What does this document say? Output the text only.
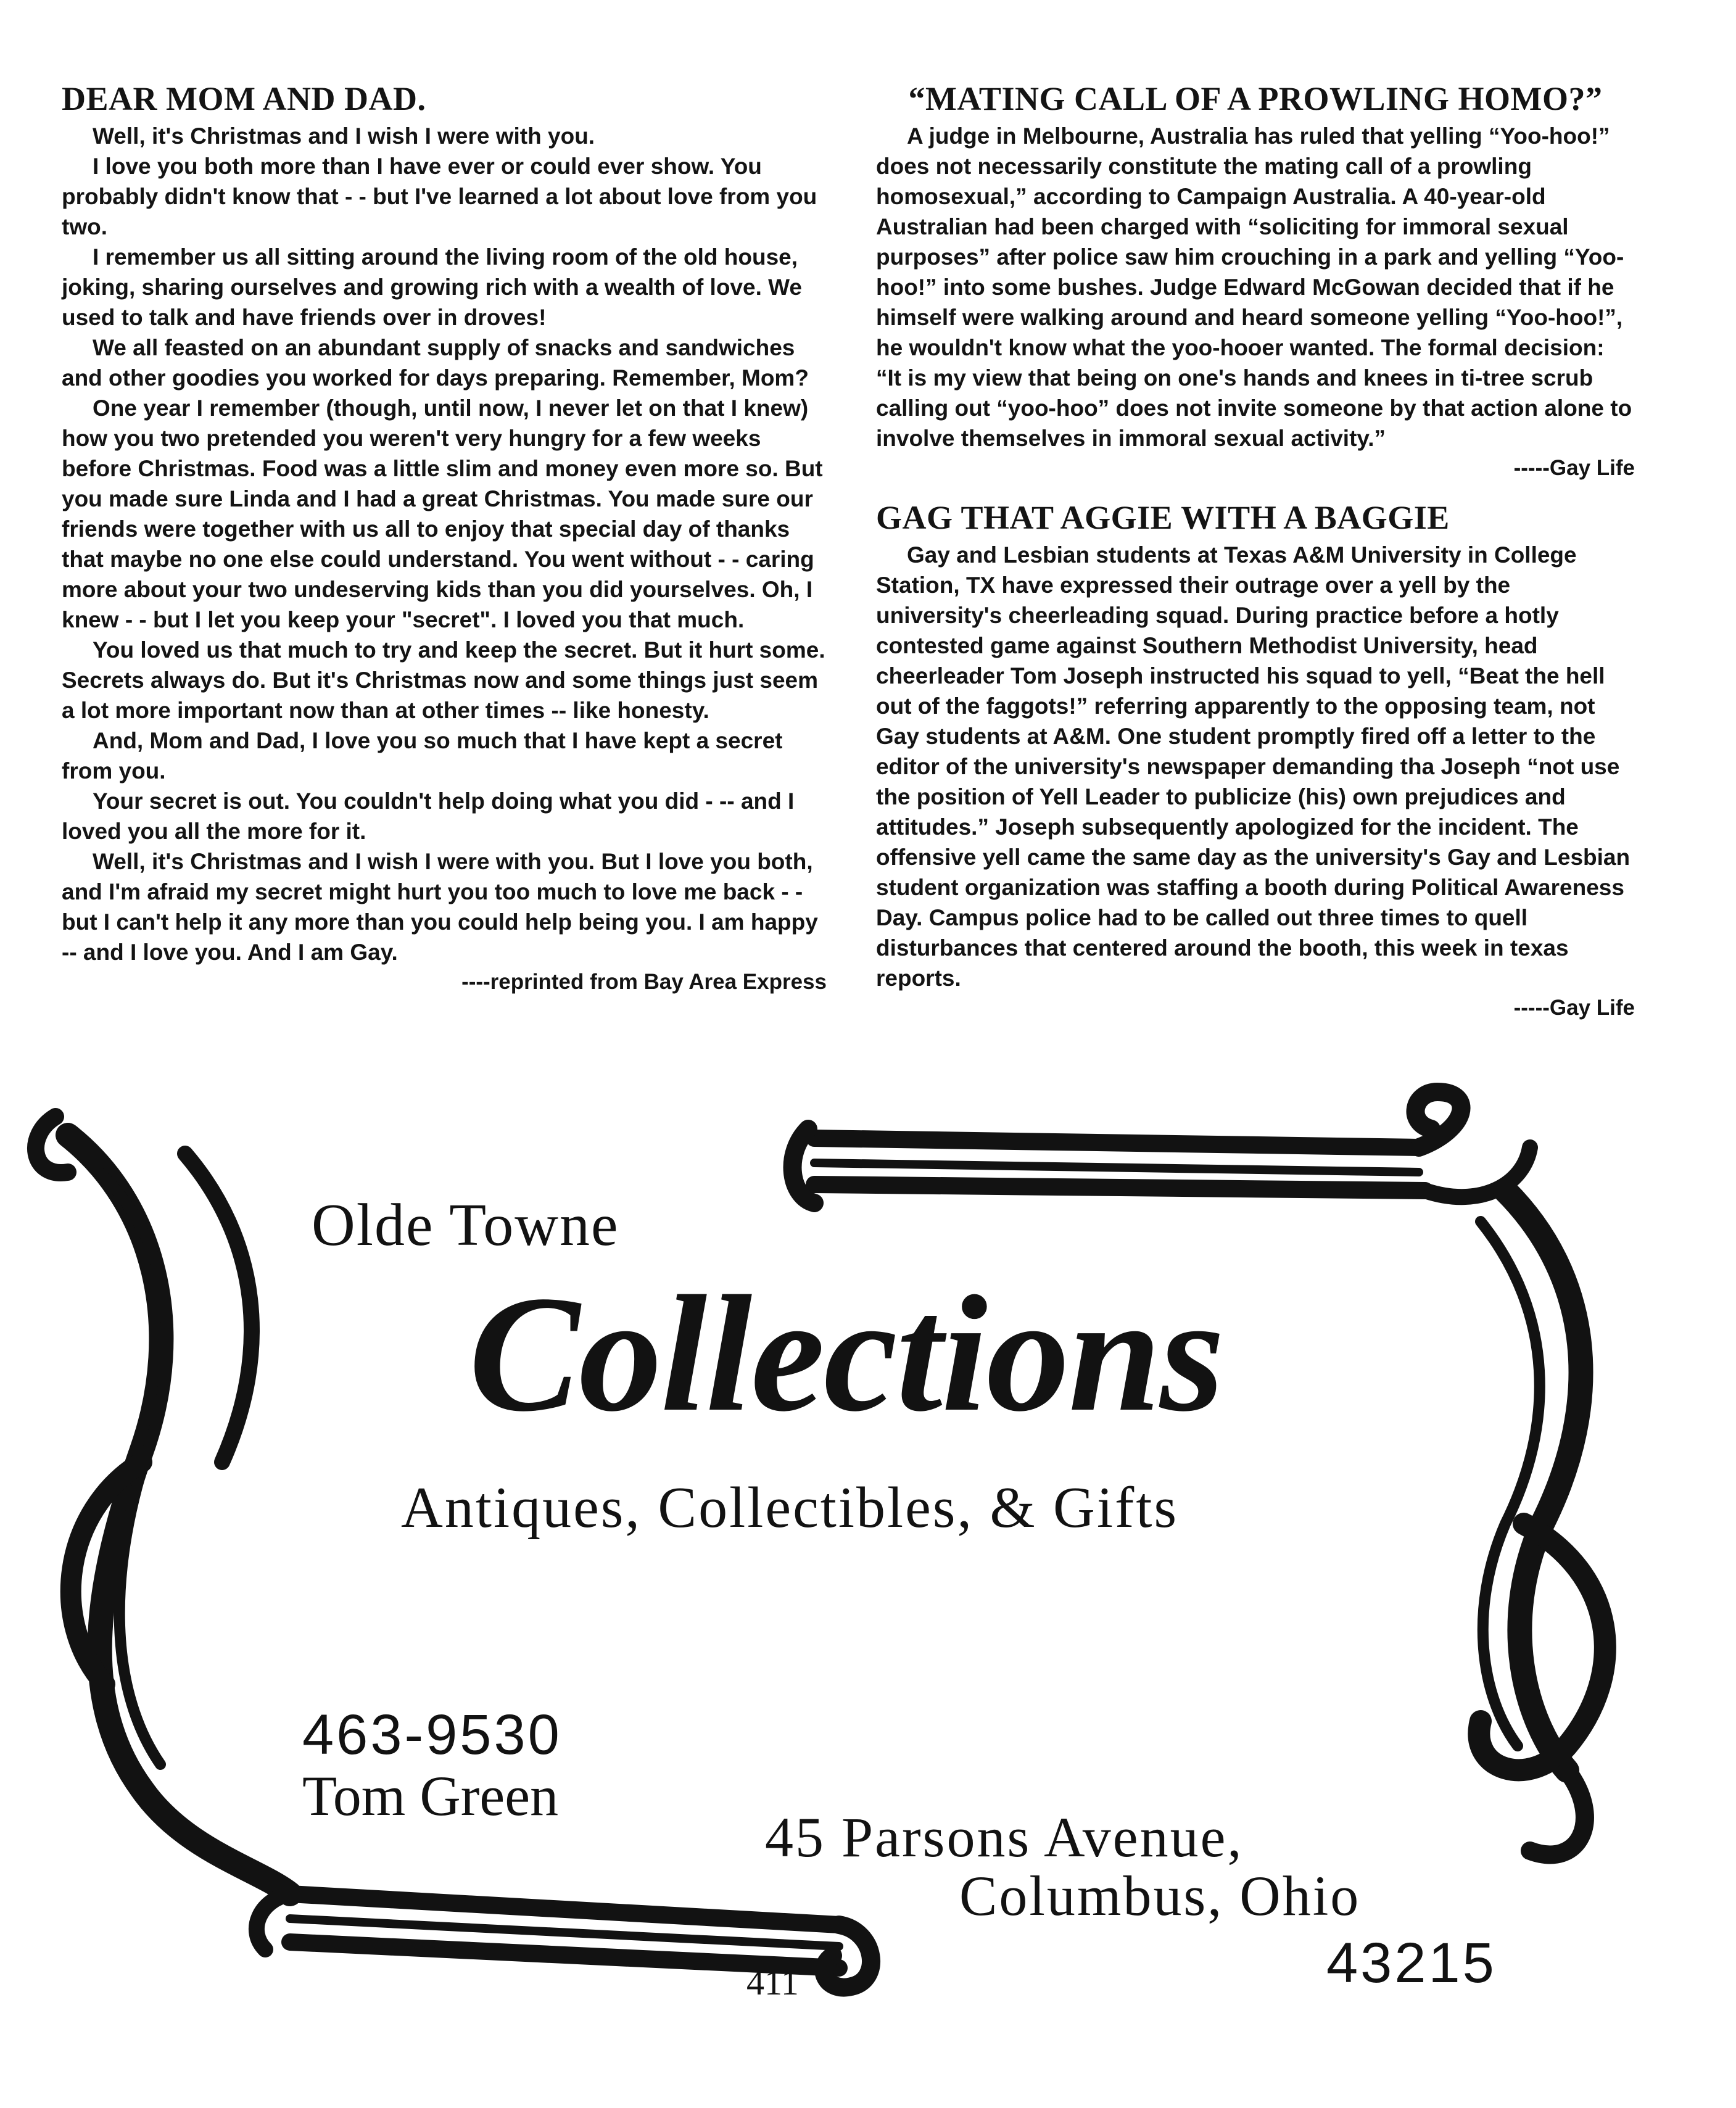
DEAR MOM AND DAD.

Well, it's Christmas and I wish I were with you.

I love you both more than I have ever or could ever show. You probably didn't know that - - but I've learned a lot about love from you two.

I remember us all sitting around the living room of the old house, joking, sharing ourselves and growing rich with a wealth of love. We used to talk and have friends over in droves!

We all feasted on an abundant supply of snacks and sandwiches and other goodies you worked for days preparing. Remember, Mom?

One year I remember (though, until now, I never let on that I knew) how you two pretended you weren't very hungry for a few weeks before Christmas. Food was a little slim and money even more so. But you made sure Linda and I had a great Christmas. You made sure our friends were together with us all to enjoy that special day of thanks that maybe no one else could understand. You went without - - caring more about your two undeserving kids than you did yourselves. Oh, I knew - - but I let you keep your "secret". I loved you that much.

You loved us that much to try and keep the secret. But it hurt some. Secrets always do. But it's Christmas now and some things just seem a lot more important now than at other times -- like honesty.

And, Mom and Dad, I love you so much that I have kept a secret from you.

Your secret is out. You couldn't help doing what you did - -- and I loved you all the more for it.

Well, it's Christmas and I wish I were with you. But I love you both, and I'm afraid my secret might hurt you too much to love me back - - but I can't help it any more than you could help being you. I am happy -- and I love you. And I am Gay.

----reprinted from Bay Area Express

“MATING CALL OF A PROWLING HOMO?”

A judge in Melbourne, Australia has ruled that yelling “Yoo-hoo!” does not necessarily constitute the mating call of a prowling homosexual,” according to Campaign Australia. A 40-year-old Australian had been charged with “soliciting for immoral sexual purposes” after police saw him crouching in a park and yelling “Yoo-hoo!” into some bushes. Judge Edward McGowan decided that if he himself were walking around and heard someone yelling “Yoo-hoo!”, he wouldn't know what the yoo-hooer wanted. The formal decision: “It is my view that being on one's hands and knees in ti-tree scrub calling out “yoo-hoo” does not invite someone by that action alone to involve themselves in immoral sexual activity.”

-----Gay Life

GAG THAT AGGIE WITH A BAGGIE

Gay and Lesbian students at Texas A&M University in College Station, TX have expressed their outrage over a yell by the university's cheerleading squad. During practice before a hotly contested game against Southern Methodist University, head cheerleader Tom Joseph instructed his squad to yell, “Beat the hell out of the faggots!” referring apparently to the opposing team, not Gay students at A&M. One student promptly fired off a letter to the editor of the university's newspaper demanding tha Joseph “not use the position of Yell Leader to publicize (his) own prejudices and attitudes.” Joseph subsequently apologized for the incident. The offensive yell came the same day as the university's Gay and Lesbian student organization was staffing a booth during Political Awareness Day. Campus police had to be called out three times to quell disturbances that centered around the booth, this week in texas reports.

-----Gay Life

Olde Towne
Collections
Antiques, Collectibles, & Gifts
463-9530
Tom Green
45 Parsons Avenue,
Columbus, Ohio
43215
411
